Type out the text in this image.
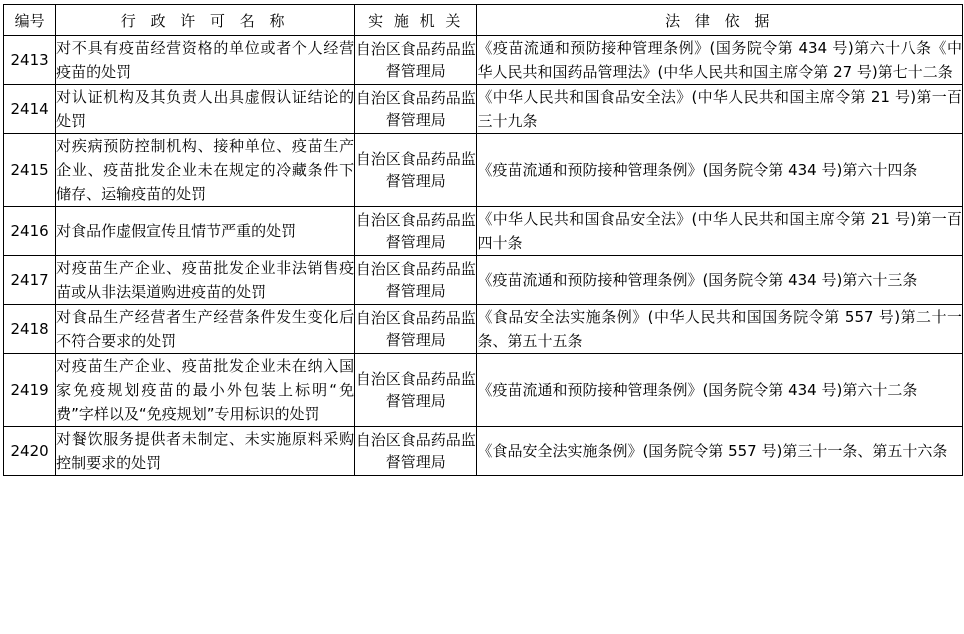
编号	行 政 许 可 名 称	实 施 机 关	法 律 依 据
2413	对不具有疫苗经营资格的单位或者个人经营疫苗的处罚	自治区食品药品监督管理局	《疫苗流通和预防接种管理条例》(国务院令第 434 号)第六十八条《中华人民共和国药品管理法》(中华人民共和国主席令第 27 号)第七十二条
2414	对认证机构及其负责人出具虚假认证结论的处罚	自治区食品药品监督管理局	《中华人民共和国食品安全法》(中华人民共和国主席令第 21 号)第一百三十九条
2415	对疾病预防控制机构、接种单位、疫苗生产企业、疫苗批发企业未在规定的冷藏条件下储存、运输疫苗的处罚	自治区食品药品监督管理局	《疫苗流通和预防接种管理条例》(国务院令第 434 号)第六十四条
2416	对食品作虚假宣传且情节严重的处罚	自治区食品药品监督管理局	《中华人民共和国食品安全法》(中华人民共和国主席令第 21 号)第一百四十条
2417	对疫苗生产企业、疫苗批发企业非法销售疫苗或从非法渠道购进疫苗的处罚	自治区食品药品监督管理局	《疫苗流通和预防接种管理条例》(国务院令第 434 号)第六十三条
2418	对食品生产经营者生产经营条件发生变化后不符合要求的处罚	自治区食品药品监督管理局	《食品安全法实施条例》(中华人民共和国国务院令第 557 号)第二十一条、第五十五条
2419	对疫苗生产企业、疫苗批发企业未在纳入国家免疫规划疫苗的最小外包装上标明“免费”字样以及“免疫规划”专用标识的处罚	自治区食品药品监督管理局	《疫苗流通和预防接种管理条例》(国务院令第 434 号)第六十二条
2420	对餐饮服务提供者未制定、未实施原料采购控制要求的处罚	自治区食品药品监督管理局	《食品安全法实施条例》(国务院令第 557 号)第三十一条、第五十六条
